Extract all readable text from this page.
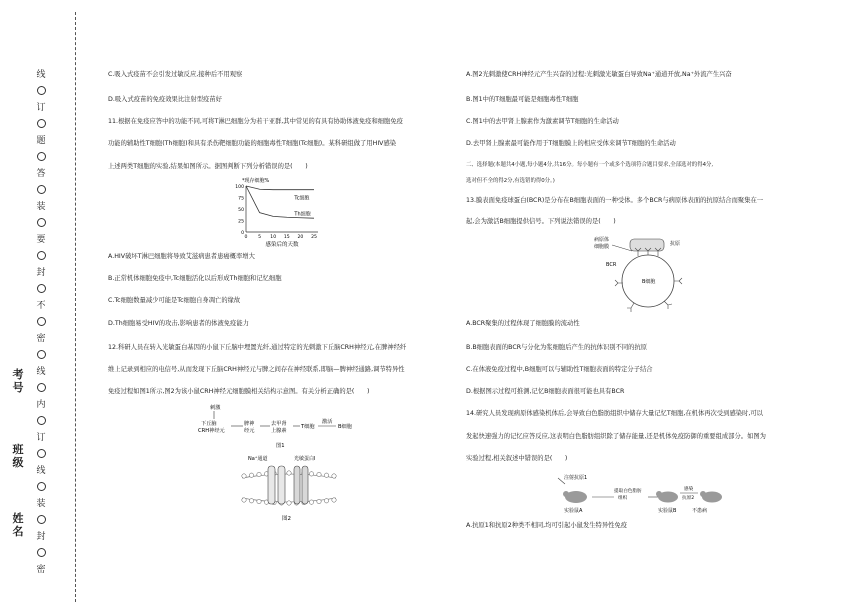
线
订
题
答
装
要
封
不
密
线
内
订
线
装
封
密
考号
班级
姓名
C.吸入式疫苗不会引发过敏反应,接种后不用观察
D.吸入式疫苗的免疫效果比注射型疫苗好
11.根据在免疫应答中的功能不同,可将T淋巴细胞分为若干亚群,其中常见的有具有协助体液免疫和细胞免疫
功能的辅助性T细胞(Th细胞)和具有杀伤靶细胞功能的细胞毒性T细胞(Tc细胞)。某科研组做了用HIV感染
上述两类T细胞的实验,结果如图所示。据图判断下列分析错误的是(　　)
*现存细胞%
100
75
50
25
0
0 5 10 15 20 25
Tc细胞
Th细胞
感染后的天数
A.HIV破坏T淋巴细胞将导致艾滋病患者患癌概率增大
B.正常机体细胞免疫中,Tc细胞活化以后形成Th细胞和记忆细胞
C.Tc细胞数量减少可能是Tc细胞自身凋亡的缘故
D.Th细胞易受HIV的攻击,影响患者的体液免疫能力
12.科研人员在转入光敏蛋白基因的小鼠下丘脑中埋置光纤,通过特定的光刺激下丘脑CRH神经元,在脾神经纤
维上记录到相应的电信号,从而发现下丘脑CRH神经元与脾之间存在神经联系,即脑—脾神经通路,调节特异性
免疫过程如图1所示,图2为该小鼠CRH神经元细胞膜相关结构示意图。有关分析正确的是(　　)
刺激
下丘脑
CRH神经元
脾神
经元
去甲肾
上腺素
T细胞
激活
B细胞
图1
Na⁺通道	光敏蛋白I
图2
A.图2光刺激使CRH神经元产生兴奋的过程:光刺激光敏蛋白导致Na⁺通道开放,Na⁺外流产生兴奋
B.图1中的T细胞最可能是细胞毒性T细胞
C.图1中的去甲肾上腺素作为激素调节T细胞的生命活动
D.去甲肾上腺素最可能作用于T细胞膜上的相应受体来调节T细胞的生命活动
二、选择题(本题共4小题,每小题4分,共16分。每小题有一个或多个选项符合题目要求,全部选对的得4分,
选对但不全的得2分,有选错的得0分。)
13.膜表面免疫球蛋白(BCR)是分布在B细胞表面的一种受体。多个BCR与病原体表面的抗原结合而聚集在一
起,会为激活B细胞提供信号。下列说法错误的是(　　)
病原体
细胞膜	抗原
BCR
B细胞
A.BCR聚集的过程体现了细胞膜的流动性
B.B细胞表面的BCR与分化为浆细胞后产生的抗体识别不同的抗原
C.在体液免疫过程中,B细胞可以与辅助性T细胞表面的特定分子结合
D.根据图示过程可推测,记忆B细胞表面很可能也具有BCR
14.研究人员发现病原体感染机体后,会导致白色脂肪组织中储存大量记忆T细胞,在机体再次受到感染时,可以
发起快速强力的记忆应答反应,这表明白色脂肪组织除了储存能量,还是机体免疫防御的重要组成部分。如图为
实验过程,相关叙述中错误的是(　　)
注射抗原1
实验鼠A
提取白色脂肪
组织
感染
抗原2
实验鼠B	不患病
A.抗原1和抗原2种类不相同,均可引起小鼠发生特异性免疫
